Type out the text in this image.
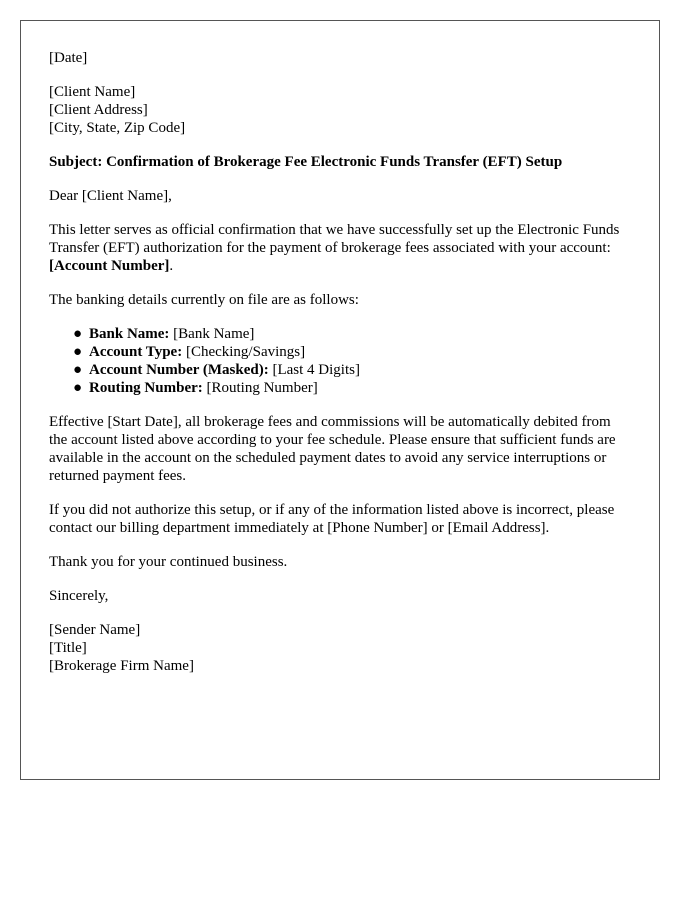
[Date]

[Client Name]
[Client Address]
[City, State, Zip Code]

Subject: Confirmation of Brokerage Fee Electronic Funds Transfer (EFT) Setup

Dear [Client Name],

This letter serves as official confirmation that we have successfully set up the Electronic Funds Transfer (EFT) authorization for the payment of brokerage fees associated with your account: [Account Number].

The banking details currently on file are as follows:

● Bank Name: [Bank Name]
● Account Type: [Checking/Savings]
● Account Number (Masked): [Last 4 Digits]
● Routing Number: [Routing Number]

Effective [Start Date], all brokerage fees and commissions will be automatically debited from the account listed above according to your fee schedule. Please ensure that sufficient funds are available in the account on the scheduled payment dates to avoid any service interruptions or returned payment fees.

If you did not authorize this setup, or if any of the information listed above is incorrect, please contact our billing department immediately at [Phone Number] or [Email Address].

Thank you for your continued business.

Sincerely,

[Sender Name]
[Title]
[Brokerage Firm Name]
